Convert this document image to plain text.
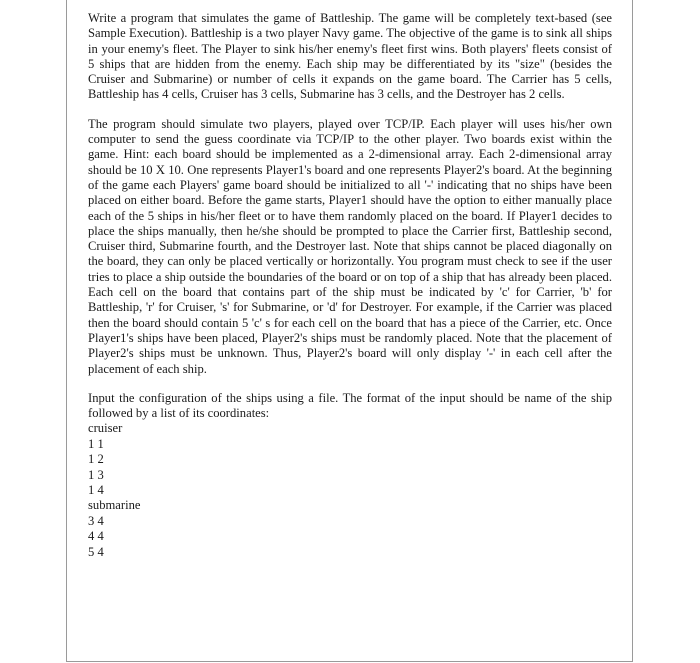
Write a program that simulates the game of Battleship. The game will be completely text-based (see Sample Execution). Battleship is a two player Navy game. The objective of the game is to sink all ships in your enemy's fleet. The Player to sink his/her enemy's fleet first wins. Both players' fleets consist of 5 ships that are hidden from the enemy. Each ship may be differentiated by its "size" (besides the Cruiser and Submarine) or number of cells it expands on the game board. The Carrier has 5 cells, Battleship has 4 cells, Cruiser has 3 cells, Submarine has 3 cells, and the Destroyer has 2 cells.

The program should simulate two players, played over TCP/IP. Each player will uses his/her own computer to send the guess coordinate via TCP/IP to the other player. Two boards exist within the game. Hint: each board should be implemented as a 2-dimensional array. Each 2-dimensional array should be 10 X 10. One represents Player1's board and one represents Player2's board. At the beginning of the game each Players' game board should be initialized to all '-' indicating that no ships have been placed on either board. Before the game starts, Player1 should have the option to either manually place each of the 5 ships in his/her fleet or to have them randomly placed on the board. If Player1 decides to place the ships manually, then he/she should be prompted to place the Carrier first, Battleship second, Cruiser third, Submarine fourth, and the Destroyer last. Note that ships cannot be placed diagonally on the board, they can only be placed vertically or horizontally. You program must check to see if the user tries to place a ship outside the boundaries of the board or on top of a ship that has already been placed. Each cell on the board that contains part of the ship must be indicated by 'c' for Carrier, 'b' for Battleship, 'r' for Cruiser, 's' for Submarine, or 'd' for Destroyer. For example, if the Carrier was placed then the board should contain 5 'c' s for each cell on the board that has a piece of the Carrier, etc. Once Player1's ships have been placed, Player2's ships must be randomly placed. Note that the placement of Player2's ships must be unknown. Thus, Player2's board will only display '-' in each cell after the placement of each ship.

Input the configuration of the ships using a file. The format of the input should be name of the ship followed by a list of its coordinates:

cruiser
1 1
1 2
1 3
1 4
submarine
3 4
4 4
5 4
